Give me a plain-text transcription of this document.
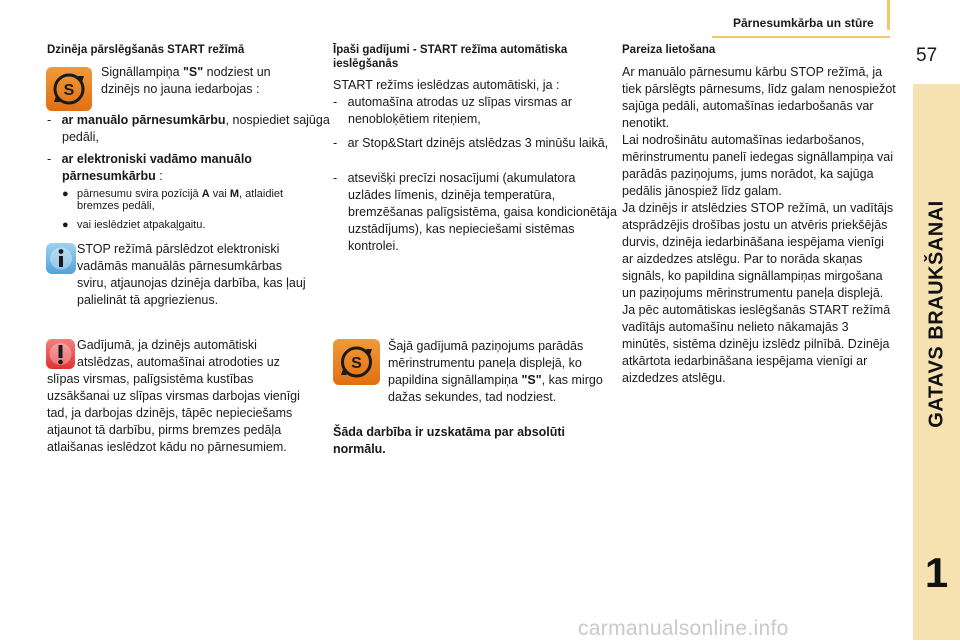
Pārnesumkārba un stūre
57
GATAVS BRAUKŠANAI
1
Dzinēja pārslēgšanās START režīmā
S
Signāllampiņa "S" nodziest un dzinējs no jauna iedarbojas :
-   ar manuālo pārnesumkārbu, nospiediet sajūga pedāli,
-   ar elektroniski vadāmo manuālo pārnesumkārbu :
● pārnesumu svira pozīcijā A vai M, atlaidiet bremzes pedāli,
● vai ieslēdziet atpakaļgaitu.
STOP režīmā pārslēdzot elektroniski vadāmās manuālās pārnesumkārbas sviru, atjaunojas dzinēja darbība, kas ļauj palielināt tā apgriezienus.
Gadījumā, ja dzinējs automātiski atslēdzas, automašīnai atrodoties uz slīpas virsmas, palīgsistēma kustības uzsākšanai uz slīpas virsmas darbojas vienīgi tad, ja darbojas dzinējs, tāpēc nepieciešams atjaunot tā darbību, pirms bremzes pedāļa atlaišanas ieslēdzot kādu no pārnesumiem.
Īpaši gadījumi - START režīma automātiska ieslēgšanās
START režīms ieslēdzas automātiski, ja :
-   automašīna atrodas uz slīpas virsmas ar nenobloķētiem riteņiem,
-   ar Stop&Start dzinējs atslēdzas 3 minūšu laikā,
-   atsevišķi precīzi nosacījumi (akumulatora uzlādes līmenis, dzinēja temperatūra, bremzēšanas palīgsistēma, gaisa kondicionētāja uzstādījums), kas nepieciešami sistēmas kontrolei.
S
Šajā gadījumā paziņojums parādās mērinstrumentu paneļa displejā, ko papildina signāllampiņa "S", kas mirgo dažas sekundes, tad nodziest.
Šāda darbība ir uzskatāma par absolūti normālu.
Pareiza lietošana
Ar manuālo pārnesumu kārbu STOP režīmā, ja tiek pārslēgts pārnesums, līdz galam nenospiežot sajūga pedāli, automašīnas iedarbošanās var nenotikt.
Lai nodrošinātu automašīnas iedarbošanos, mērinstrumentu panelī iedegas signāllampiņa vai parādās paziņojums, jums norādot, ka sajūga pedālis jānospiež līdz galam.
Ja dzinējs ir atslēdzies STOP režīmā, un vadītājs atsprādzējis drošības jostu un atvēris priekšējās durvis, dzinēja iedarbināšana iespējama vienīgi ar aizdedzes atslēgu. Par to norāda skaņas signāls, ko papildina signāllampiņas mirgošana un paziņojums mērinstrumentu paneļa displejā.
Ja pēc automātiskas ieslēgšanās START režīmā vadītājs automašīnu nelieto nākamajās 3 minūtēs, sistēma dzinēju izslēdz pilnībā. Dzinēja atkārtota iedarbināšana iespējama vienīgi ar aizdedzes atslēgu.
carmanualsonline.info
